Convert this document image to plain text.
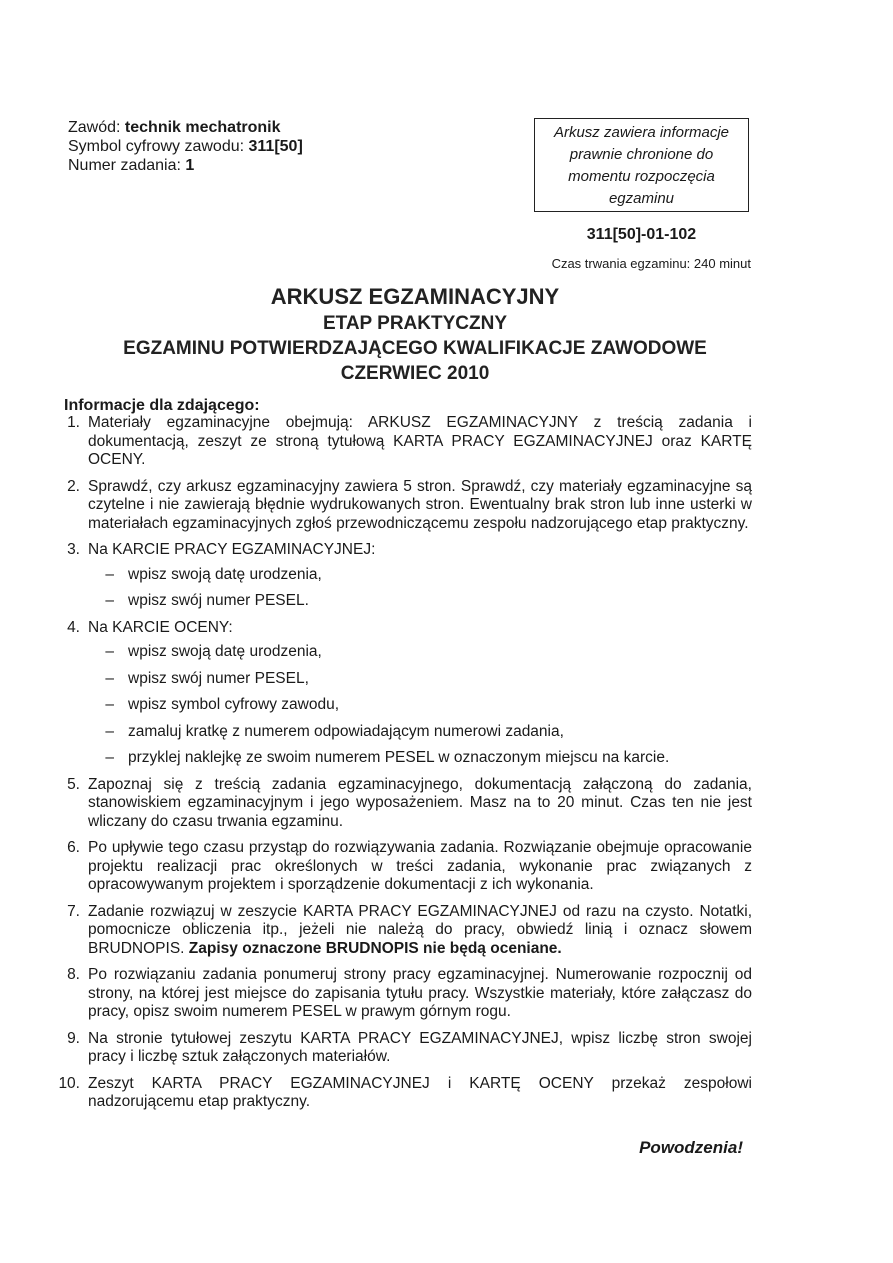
Zawód: technik mechatronik
Symbol cyfrowy zawodu: 311[50]
Numer zadania: 1
Arkusz zawiera informacje prawnie chronione do momentu rozpoczęcia egzaminu
311[50]-01-102
Czas trwania egzaminu: 240 minut
ARKUSZ EGZAMINACYJNY
ETAP PRAKTYCZNY
EGZAMINU POTWIERDZAJĄCEGO KWALIFIKACJE ZAWODOWE
CZERWIEC 2010
Informacje dla zdającego:
1. Materiały egzaminacyjne obejmują: ARKUSZ EGZAMINACYJNY z treścią zadania i dokumentacją, zeszyt ze stroną tytułową KARTA PRACY EGZAMINACYJNEJ oraz KARTĘ OCENY.
2. Sprawdź, czy arkusz egzaminacyjny zawiera 5 stron. Sprawdź, czy materiały egzaminacyjne są czytelne i nie zawierają błędnie wydrukowanych stron. Ewentualny brak stron lub inne usterki w materiałach egzaminacyjnych zgłoś przewodniczącemu zespołu nadzorującego etap praktyczny.
3. Na KARCIE PRACY EGZAMINACYJNEJ:
– wpisz swoją datę urodzenia,
– wpisz swój numer PESEL.
4. Na KARCIE OCENY:
– wpisz swoją datę urodzenia,
– wpisz swój numer PESEL,
– wpisz symbol cyfrowy zawodu,
– zamaluj kratkę z numerem odpowiadającym numerowi zadania,
– przyklej naklejkę ze swoim numerem PESEL w oznaczonym miejscu na karcie.
5. Zapoznaj się z treścią zadania egzaminacyjnego, dokumentacją załączoną do zadania, stanowiskiem egzaminacyjnym i jego wyposażeniem. Masz na to 20 minut. Czas ten nie jest wliczany do czasu trwania egzaminu.
6. Po upływie tego czasu przystąp do rozwiązywania zadania. Rozwiązanie obejmuje opracowanie projektu realizacji prac określonych w treści zadania, wykonanie prac związanych z opracowywanym projektem i sporządzenie dokumentacji z ich wykonania.
7. Zadanie rozwiązuj w zeszycie KARTA PRACY EGZAMINACYJNEJ od razu na czysto. Notatki, pomocnicze obliczenia itp., jeżeli nie należą do pracy, obwiedź linią i oznacz słowem BRUDNOPIS. Zapisy oznaczone BRUDNOPIS nie będą oceniane.
8. Po rozwiązaniu zadania ponumeruj strony pracy egzaminacyjnej. Numerowanie rozpocznij od strony, na której jest miejsce do zapisania tytułu pracy. Wszystkie materiały, które załączasz do pracy, opisz swoim numerem PESEL w prawym górnym rogu.
9. Na stronie tytułowej zeszytu KARTA PRACY EGZAMINACYJNEJ, wpisz liczbę stron swojej pracy i liczbę sztuk załączonych materiałów.
10. Zeszyt KARTA PRACY EGZAMINACYJNEJ i KARTĘ OCENY przekaż zespołowi nadzorującemu etap praktyczny.
Powodzenia!
